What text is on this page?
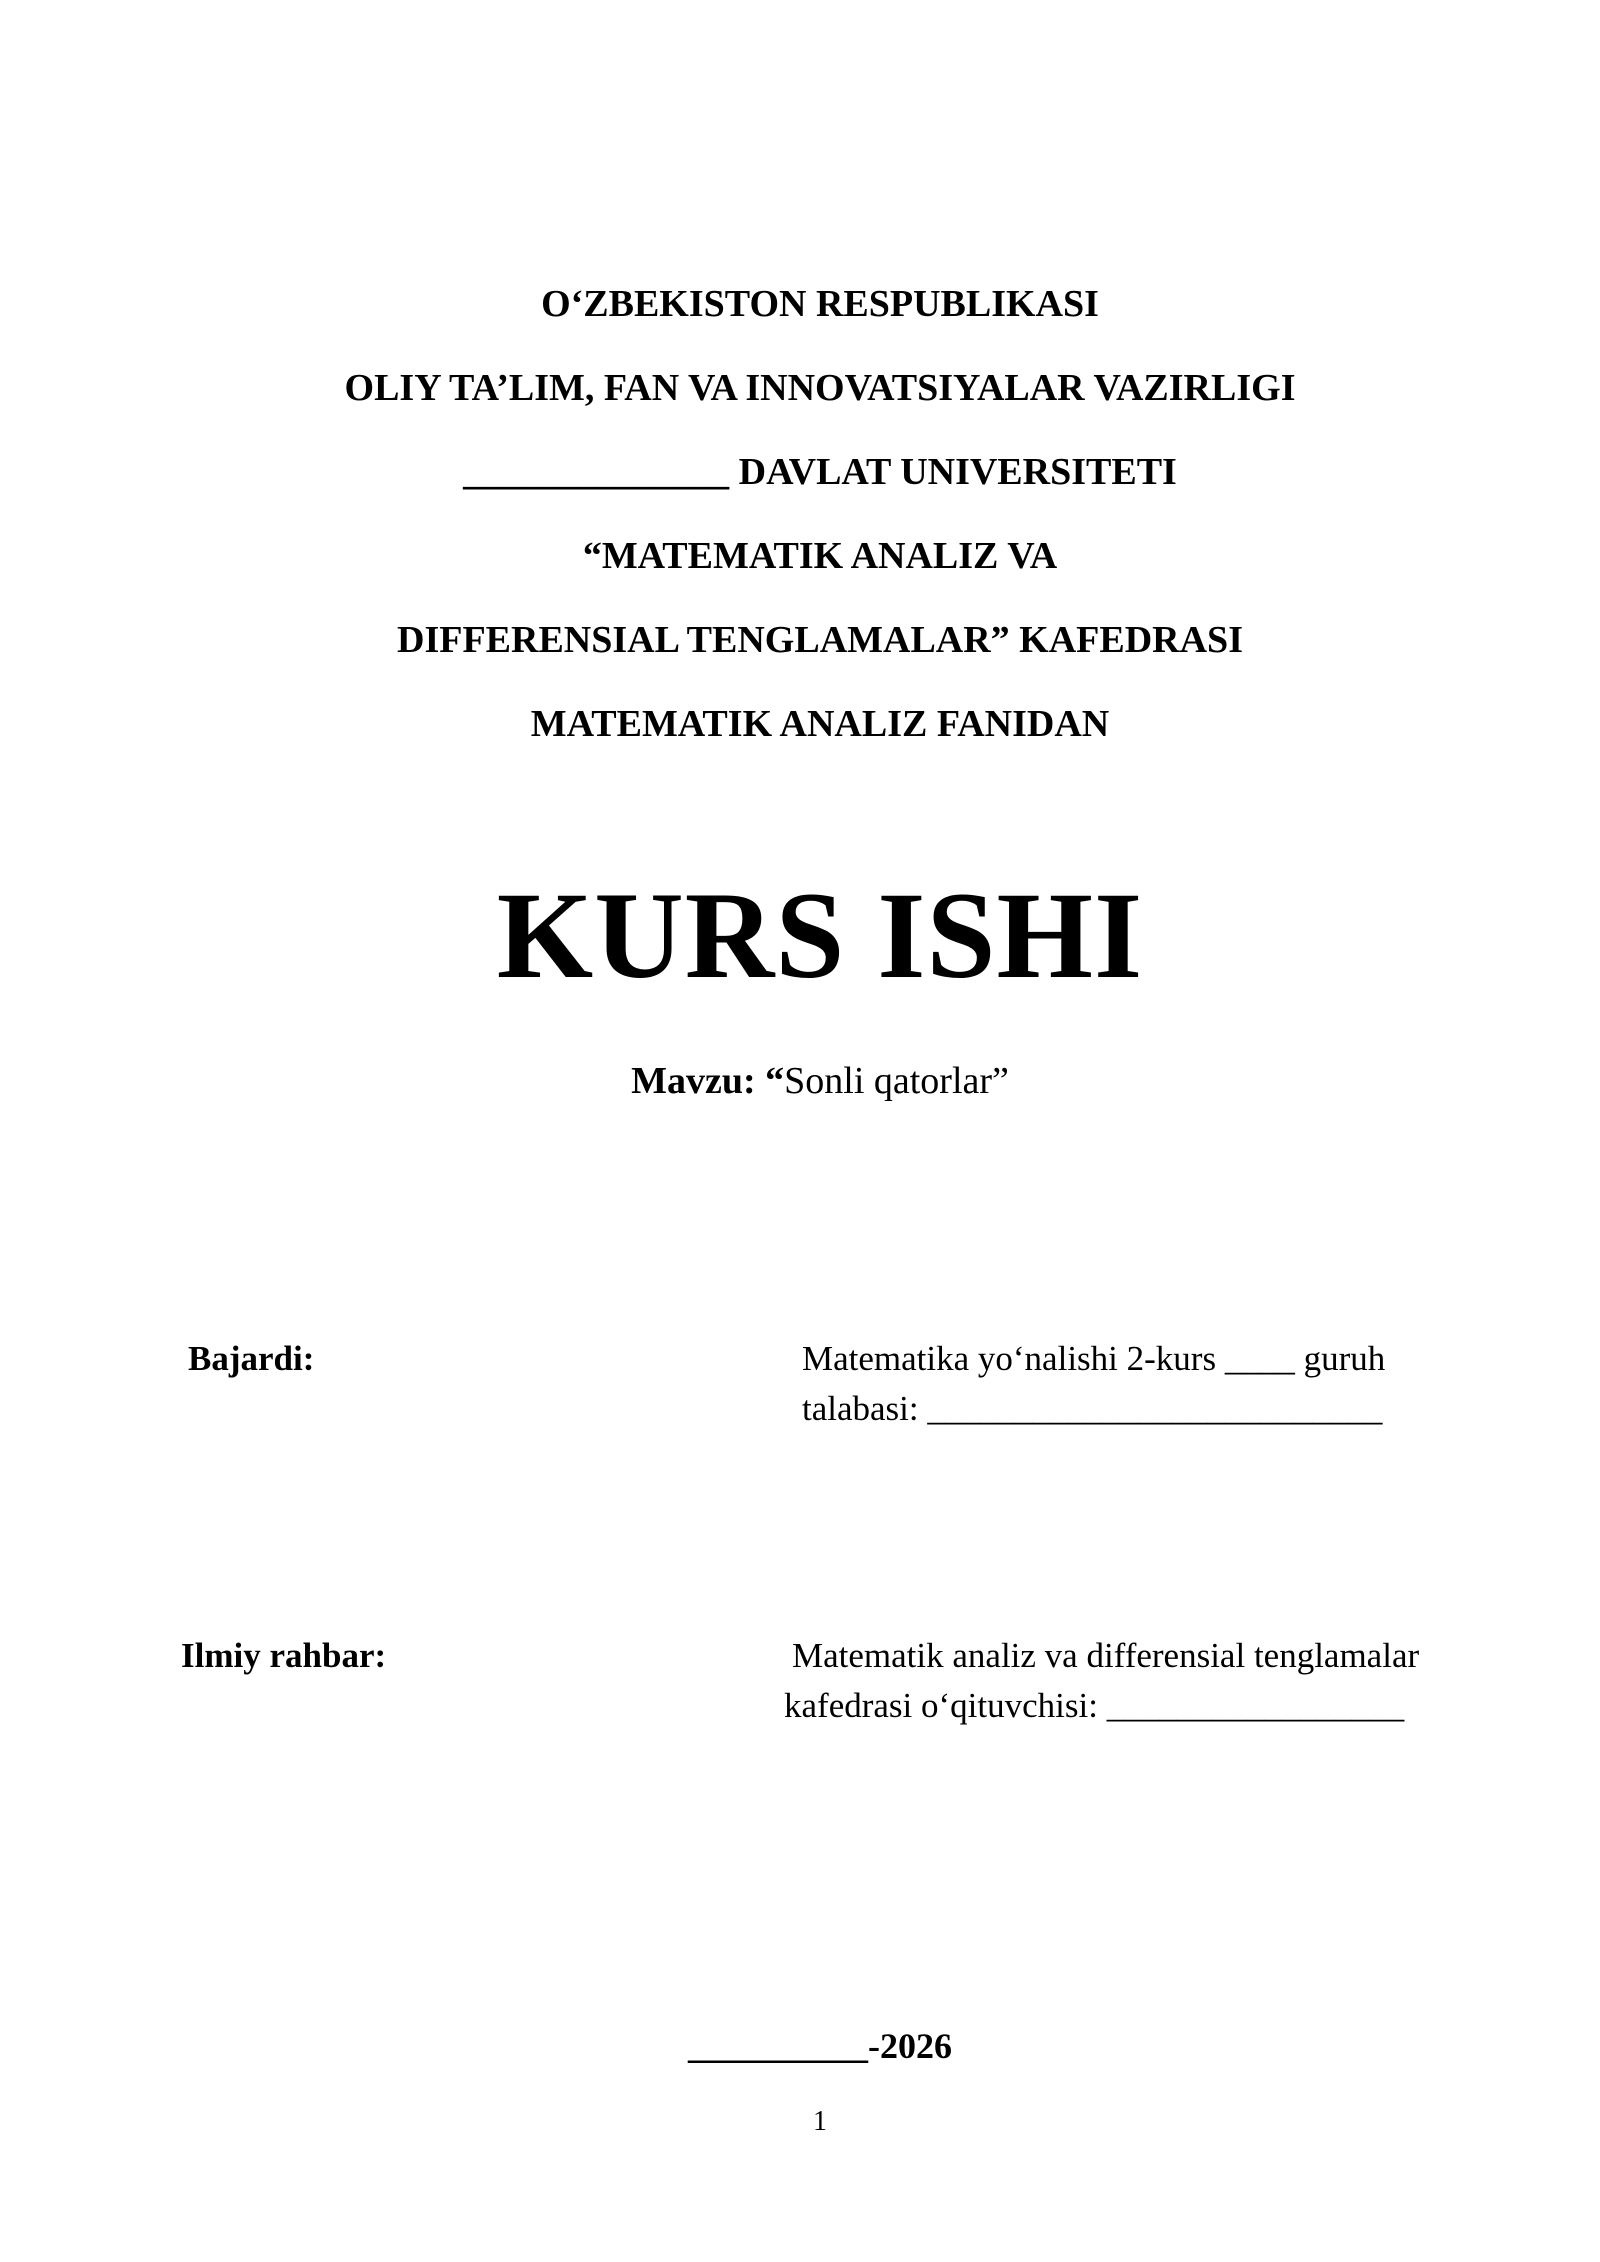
O‘ZBEKISTON RESPUBLIKASI
OLIY TA’LIM, FAN VA INNOVATSIYALAR VAZIRLIGI
______________ DAVLAT UNIVERSITETI
“MATEMATIK ANALIZ VA
DIFFERENSIAL TENGLAMALAR” KAFEDRASI
MATEMATIK ANALIZ FANIDAN
KURS ISHI
Mavzu: “Sonli qatorlar”
Bajardi:	Matematika yo‘nalishi 2-kurs ____ guruh
talabasi: __________________________
Ilmiy rahbar:	Matematik analiz va differensial tenglamalar
kafedrasi o‘qituvchisi: _________________
__________-2026
1
